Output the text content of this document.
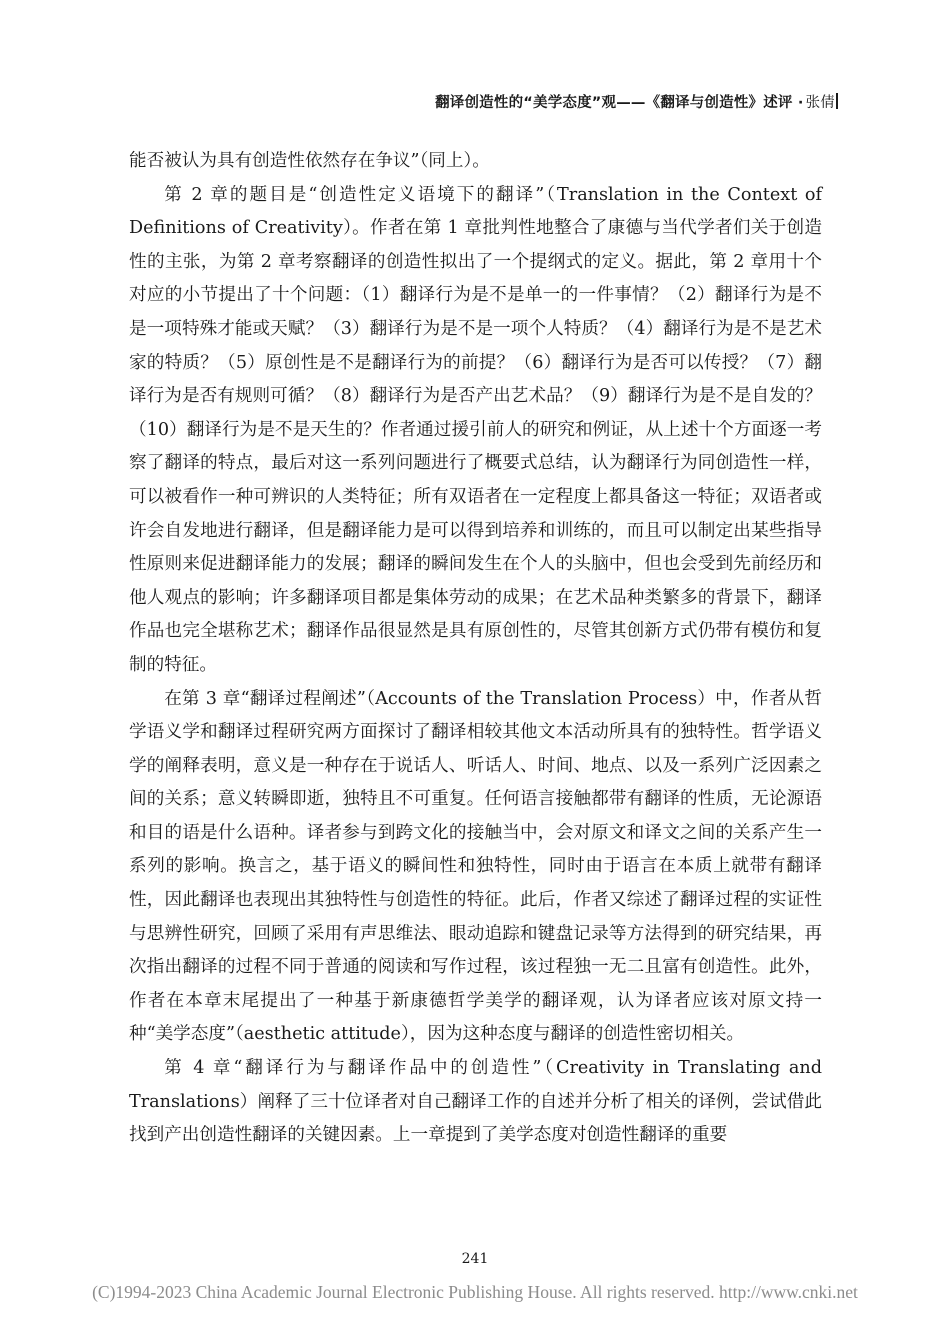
翻译创造性的“美学态度”观——《翻译与创造性》述评 · 张倩

能否被认为具有创造性依然存在争议”（同上）。

第 2 章的题目是“创造性定义语境下的翻译”（Translation in the Context of Definitions of Creativity）。作者在第 1 章批判性地整合了康德与当代学者们关于创造性的主张，为第 2 章考察翻译的创造性拟出了一个提纲式的定义。据此，第 2 章用十个对应的小节提出了十个问题：（1）翻译行为是不是单一的一件事情？（2）翻译行为是不是一项特殊才能或天赋？（3）翻译行为是不是一项个人特质？（4）翻译行为是不是艺术家的特质？（5）原创性是不是翻译行为的前提？（6）翻译行为是否可以传授？（7）翻译行为是否有规则可循？（8）翻译行为是否产出艺术品？（9）翻译行为是不是自发的？（10）翻译行为是不是天生的？作者通过援引前人的研究和例证，从上述十个方面逐一考察了翻译的特点，最后对这一系列问题进行了概要式总结，认为翻译行为同创造性一样，可以被看作一种可辨识的人类特征；所有双语者在一定程度上都具备这一特征；双语者或许会自发地进行翻译，但是翻译能力是可以得到培养和训练的，而且可以制定出某些指导性原则来促进翻译能力的发展；翻译的瞬间发生在个人的头脑中，但也会受到先前经历和他人观点的影响；许多翻译项目都是集体劳动的成果；在艺术品种类繁多的背景下，翻译作品也完全堪称艺术；翻译作品很显然是具有原创性的，尽管其创新方式仍带有模仿和复制的特征。

在第 3 章“翻译过程阐述”（Accounts of the Translation Process）中，作者从哲学语义学和翻译过程研究两方面探讨了翻译相较其他文本活动所具有的独特性。哲学语义学的阐释表明，意义是一种存在于说话人、听话人、时间、地点、以及一系列广泛因素之间的关系；意义转瞬即逝，独特且不可重复。任何语言接触都带有翻译的性质，无论源语和目的语是什么语种。译者参与到跨文化的接触当中，会对原文和译文之间的关系产生一系列的影响。换言之，基于语义的瞬间性和独特性，同时由于语言在本质上就带有翻译性，因此翻译也表现出其独特性与创造性的特征。此后，作者又综述了翻译过程的实证性与思辨性研究，回顾了采用有声思维法、眼动追踪和键盘记录等方法得到的研究结果，再次指出翻译的过程不同于普通的阅读和写作过程，该过程独一无二且富有创造性。此外，作者在本章末尾提出了一种基于新康德哲学美学的翻译观，认为译者应该对原文持一种“美学态度”（aesthetic attitude），因为这种态度与翻译的创造性密切相关。

第 4 章“翻译行为与翻译作品中的创造性”（Creativity in Translating and Translations）阐释了三十位译者对自己翻译工作的自述并分析了相关的译例，尝试借此找到产出创造性翻译的关键因素。上一章提到了美学态度对创造性翻译的重要

241
(C)1994-2023 China Academic Journal Electronic Publishing House. All rights reserved. http://www.cnki.net
